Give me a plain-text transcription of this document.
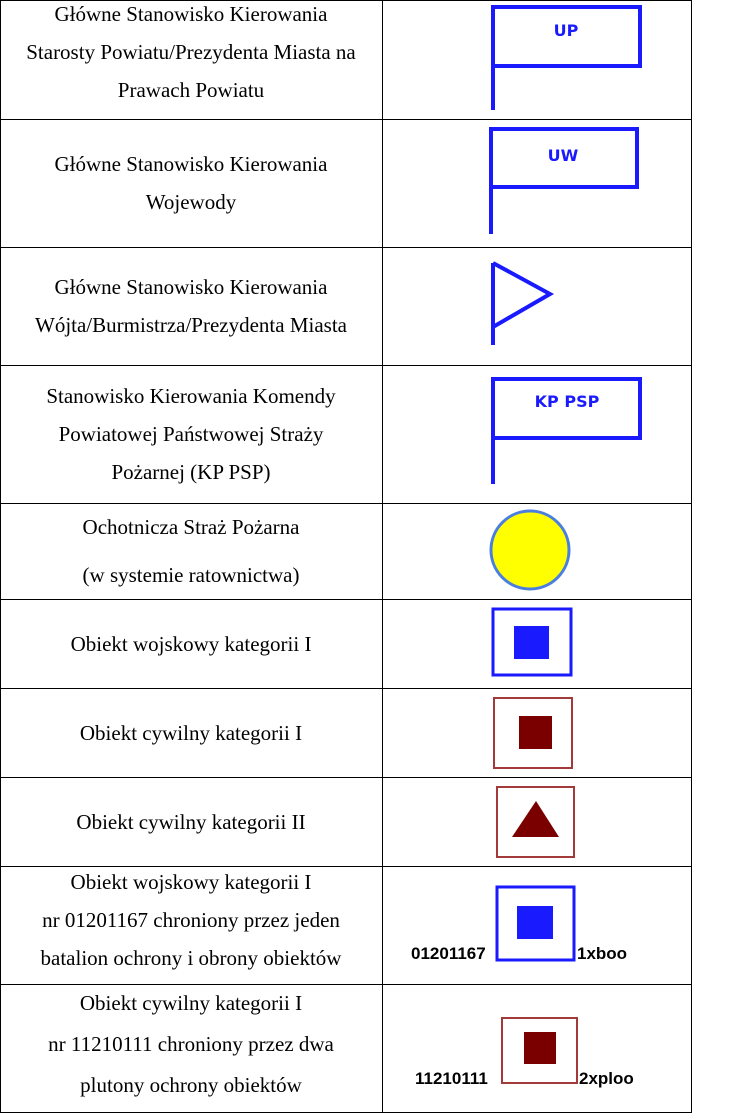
Główne Stanowisko Kierowania
Starosty Powiatu/Prezydenta Miasta na
Prawach Powiatu
UP
Główne Stanowisko Kierowania
Wojewody
UW
Główne Stanowisko Kierowania
Wójta/Burmistrza/Prezydenta Miasta
Stanowisko Kierowania Komendy
Powiatowej Państwowej Straży
Pożarnej (KP PSP)
KP PSP
Ochotnicza Straż Pożarna
(w systemie ratownictwa)
Obiekt wojskowy kategorii I
Obiekt cywilny kategorii I
Obiekt cywilny kategorii II
Obiekt wojskowy kategorii I
nr 01201167 chroniony przez jeden
batalion ochrony i obrony obiektów	01201167	1xboo
Obiekt cywilny kategorii I
nr 11210111 chroniony przez dwa
plutony ochrony obiektów	11210111	2xploo
